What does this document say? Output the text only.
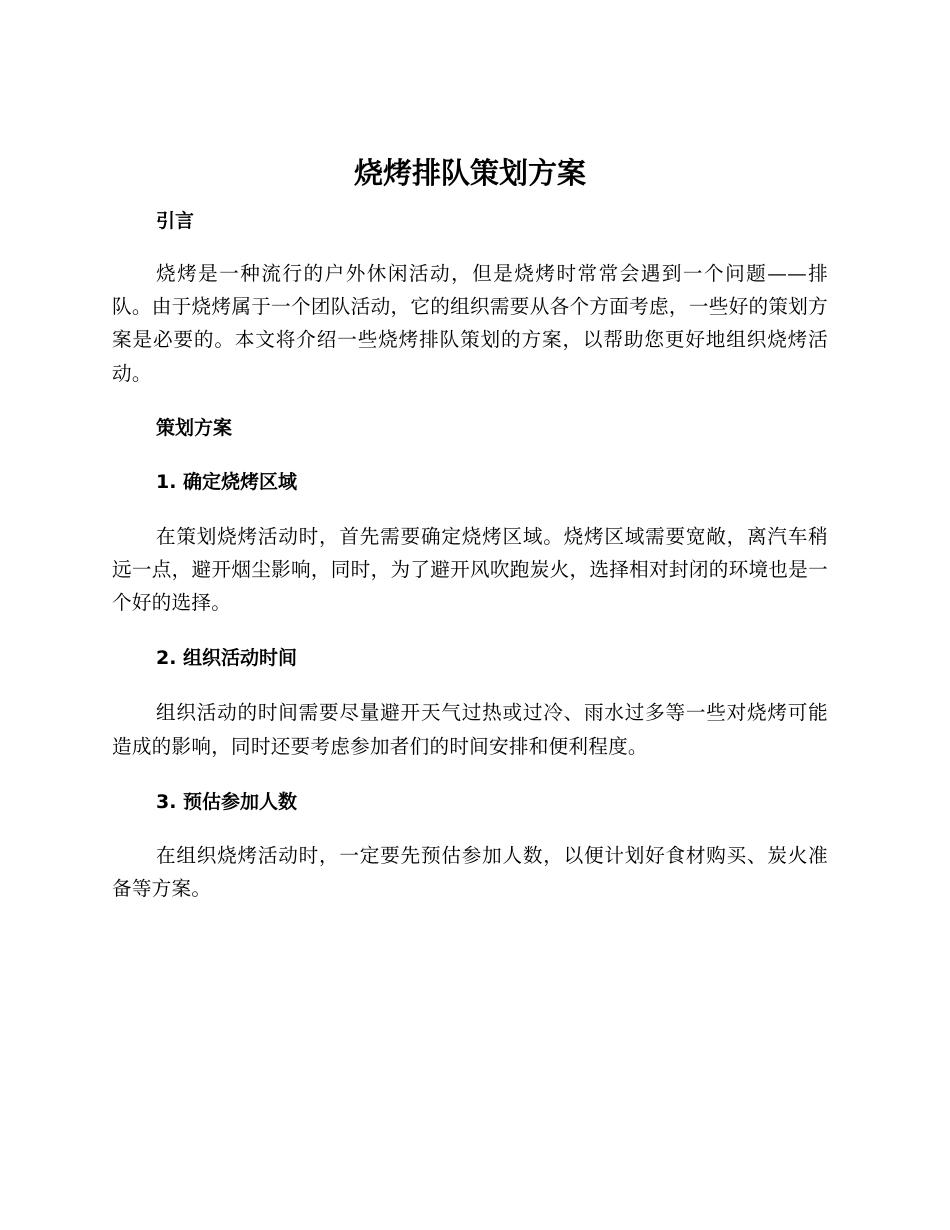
烧烤排队策划方案
引言

烧烤是一种流行的户外休闲活动，但是烧烤时常常会遇到一个问题——排队。由于烧烤属于一个团队活动，它的组织需要从各个方面考虑，一些好的策划方案是必要的。本文将介绍一些烧烤排队策划的方案，以帮助您更好地组织烧烤活动。

策划方案
1. 确定烧烤区域

在策划烧烤活动时，首先需要确定烧烤区域。烧烤区域需要宽敞，离汽车稍远一点，避开烟尘影响，同时，为了避开风吹跑炭火，选择相对封闭的环境也是一个好的选择。

2. 组织活动时间

组织活动的时间需要尽量避开天气过热或过冷、雨水过多等一些对烧烤可能造成的影响，同时还要考虑参加者们的时间安排和便利程度。

3. 预估参加人数

在组织烧烤活动时，一定要先预估参加人数，以便计划好食材购买、炭火准备等方案。
